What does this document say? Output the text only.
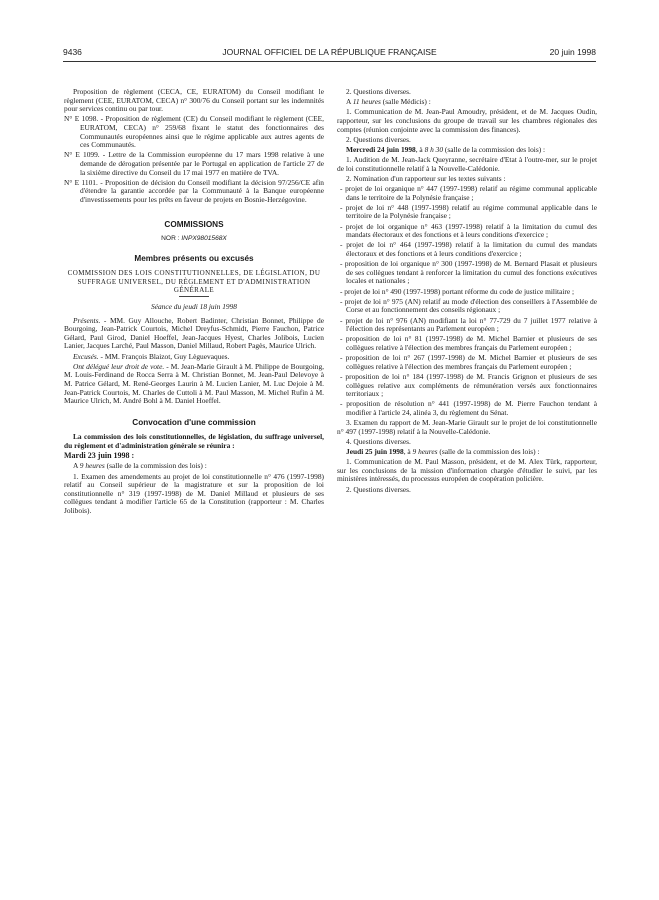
9436	JOURNAL OFFICIEL DE LA RÉPUBLIQUE FRANÇAISE	20 juin 1998

Proposition de règlement (CECA, CE, EURATOM) du Conseil modifiant le règlement (CEE, EURATOM, CECA) n° 300/76 du Conseil portant sur les indemnités pour services continu ou par tour.

N° E 1098. - Proposition de règlement (CE) du Conseil modifiant le règlement (CEE, EURATOM, CECA) n° 259/68 fixant le statut des fonctionnaires des Communautés européennes ainsi que le régime applicable aux autres agents de ces Communautés.

N° E 1099. - Lettre de la Commission européenne du 17 mars 1998 relative à une demande de dérogation présentée par le Portugal en application de l'article 27 de la sixième directive du Conseil du 17 mai 1977 en matière de TVA.

N° E 1101. - Proposition de décision du Conseil modifiant la décision 97/256/CE afin d'étendre la garantie accordée par la Communauté à la Banque européenne d'investissements pour les prêts en faveur de projets en Bosnie-Herzégovine.

COMMISSIONS

NOR : INPX9801568X

Membres présents ou excusés

COMMISSION DES LOIS CONSTITUTIONNELLES, DE LÉGISLATION, DU SUFFRAGE UNIVERSEL, DU RÈGLEMENT ET D'ADMINISTRATION GÉNÉRALE

Séance du jeudi 18 juin 1998

Présents. - MM. Guy Allouche, Robert Badinter, Christian Bonnet, Philippe de Bourgoing, Jean-Patrick Courtois, Michel Dreyfus-Schmidt, Pierre Fauchon, Patrice Gélard, Paul Girod, Daniel Hoeffel, Jean-Jacques Hyest, Charles Jolibois, Lucien Lanier, Jacques Larché, Paul Masson, Daniel Millaud, Robert Pagès, Maurice Ulrich.

Excusés. - MM. François Blaizot, Guy Lèguevaques.

Ont délégué leur droit de vote. - M. Jean-Marie Girault à M. Philippe de Bourgoing, M. Louis-Ferdinand de Rocca Serra à M. Christian Bonnet, M. Jean-Paul Delevoye à M. Patrice Gélard, M. René-Georges Laurin à M. Lucien Lanier, M. Luc Dejoie à M. Jean-Patrick Courtois, M. Charles de Cuttoli à M. Paul Masson, M. Michel Rufin à M. Maurice Ulrich, M. André Bohl à M. Daniel Hoeffel.

Convocation d'une commission

La commission des lois constitutionnelles, de législation, du suffrage universel, du règlement et d'administration générale se réunira :

Mardi 23 juin 1998 :

A 9 heures (salle de la commission des lois) :

1. Examen des amendements au projet de loi constitutionnelle n° 476 (1997-1998) relatif au Conseil supérieur de la magistrature et sur la proposition de loi constitutionnelle n° 319 (1997-1998) de M. Daniel Millaud et plusieurs de ses collègues tendant à modifier l'article 65 de la Constitution (rapporteur : M. Charles Jolibois).

2. Questions diverses.

A 11 heures (salle Médicis) :

1. Communication de M. Jean-Paul Amoudry, président, et de M. Jacques Oudin, rapporteur, sur les conclusions du groupe de travail sur les chambres régionales des comptes (réunion conjointe avec la commission des finances).

2. Questions diverses.

Mercredi 24 juin 1998, à 8 h 30 (salle de la commission des lois) :

1. Audition de M. Jean-Jack Queyranne, secrétaire d'Etat à l'outre-mer, sur le projet de loi constitutionnelle relatif à la Nouvelle-Calédonie.

2. Nomination d'un rapporteur sur les textes suivants :

- projet de loi organique n° 447 (1997-1998) relatif au régime communal applicable dans le territoire de la Polynésie française ;

- projet de loi n° 448 (1997-1998) relatif au régime communal applicable dans le territoire de la Polynésie française ;

- projet de loi organique n° 463 (1997-1998) relatif à la limitation du cumul des mandats électoraux et des fonctions et à leurs conditions d'exercice ;

- projet de loi n° 464 (1997-1998) relatif à la limitation du cumul des mandats électoraux et des fonctions et à leurs conditions d'exercice ;

- proposition de loi organique n° 300 (1997-1998) de M. Bernard Plasait et plusieurs de ses collègues tendant à renforcer la limitation du cumul des fonctions exécutives locales et nationales ;

- projet de loi n° 490 (1997-1998) portant réforme du code de justice militaire ;

- projet de loi n° 975 (AN) relatif au mode d'élection des conseillers à l'Assemblée de Corse et au fonctionnement des conseils régionaux ;

- projet de loi n° 976 (AN) modifiant la loi n° 77-729 du 7 juillet 1977 relative à l'élection des représentants au Parlement européen ;

- proposition de loi n° 81 (1997-1998) de M. Michel Barnier et plusieurs de ses collègues relative à l'élection des membres français du Parlement européen ;

- proposition de loi n° 267 (1997-1998) de M. Michel Barnier et plusieurs de ses collègues relative à l'élection des membres français du Parlement européen ;

- proposition de loi n° 184 (1997-1998) de M. Francis Grignon et plusieurs de ses collègues relative aux compléments de rémunération versés aux fonctionnaires territoriaux ;

- proposition de résolution n° 441 (1997-1998) de M. Pierre Fauchon tendant à modifier à l'article 24, alinéa 3, du règlement du Sénat.

3. Examen du rapport de M. Jean-Marie Girault sur le projet de loi constitutionnelle n° 497 (1997-1998) relatif à la Nouvelle-Calédonie.

4. Questions diverses.

Jeudi 25 juin 1998, à 9 heures (salle de la commission des lois) :

1. Communication de M. Paul Masson, président, et de M. Alex Türk, rapporteur, sur les conclusions de la mission d'information chargée d'étudier le suivi, par les ministères intéressés, du processus européen de coopération policière.

2. Questions diverses.
